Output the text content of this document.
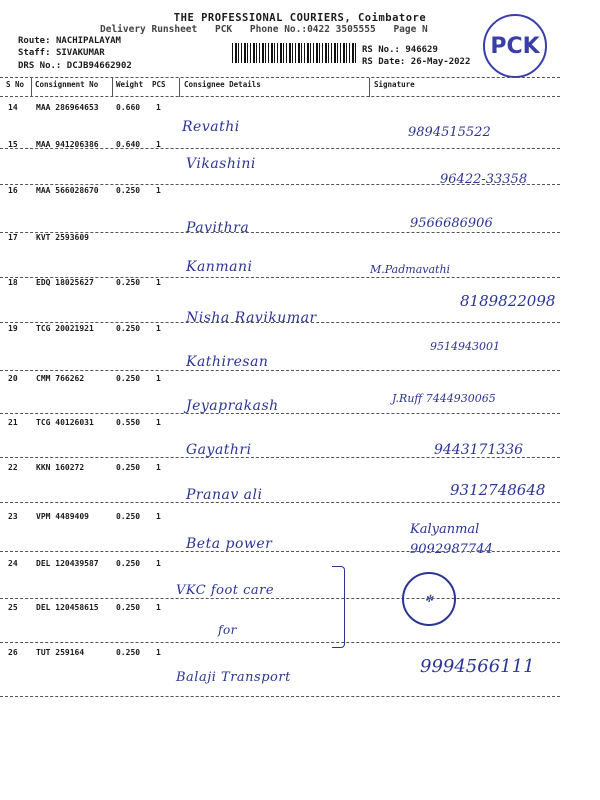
THE PROFESSIONAL COURIERS, Coimbatore
Delivery Runsheet PCK Phone No.:0422 3505555 Page N
Route: NACHIPALAYAM
Staff: SIVAKUMAR
DRS No.: DCJB94662902
RS No.: 946629
RS Date: 26-May-2022
PCK
S No Consignment No Weight PCS Consignee Details	Signature
14 MAA 286964653 0.660 1
Revathi	9894515522
15 MAA 941206386 0.640 1
Vikashini
96422-33358
16 MAA 566028670 0.250 1
Pavithra	9566686906
17 KVT 2593609
Kanmani	M.Padmavathi
18 EDQ 18025627	0.250 1
Nisha Ravikumar
8189822098
19 TCG 20021921	0.250 1
Kathiresan
9514943001
20 CMM 766262	0.250 1
Jeyaprakash	J.Ruff 7444930065
21 TCG 40126031	0.550 1
Gayathri	9443171336
22 KKN 160272	0.250 1
Pranav ali	9312748648
23 VPM 4489409	0.250 1
Beta power
Kalyanmal 9092987744
24 DEL 120439587 0.250 1
VKC foot care
25 DEL 120458615 0.250 1
for
26 TUT 259164	0.250 1
Balaji Transport
9994566111
✻
